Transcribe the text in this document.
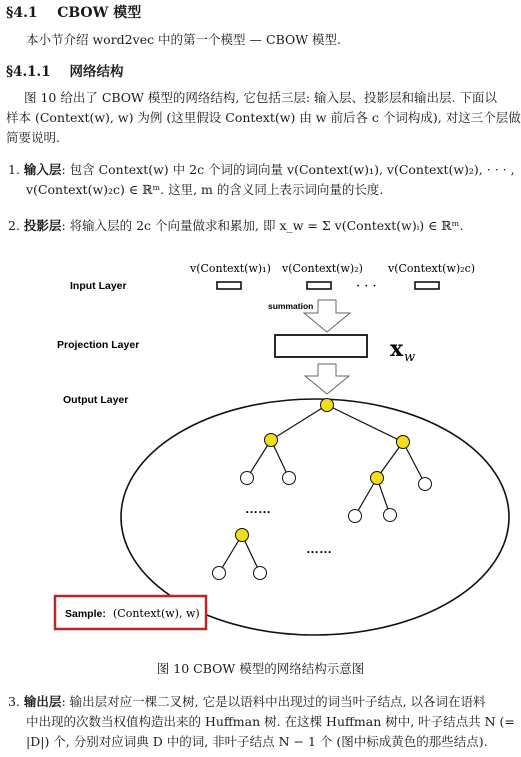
§4.1 CBOW 模型
本小节介绍 word2vec 中的第一个模型 — CBOW 模型.
§4.1.1 网络结构
图 10 给出了 CBOW 模型的网络结构, 它包括三层: 输入层、投影层和输出层. 下面以
样本 (Context(w), w) 为例 (这里假设 Context(w) 由 w 前后各 c 个词构成), 对这三个层做
简要说明.
1. 输入层: 包含 Context(w) 中 2c 个词的词向量 v(Context(w)₁), v(Context(w)₂), · · · ,
v(Context(w)₂c) ∈ ℝᵐ. 这里, m 的含义同上表示词向量的长度.
2. 投影层: 将输入层的 2c 个向量做求和累加, 即 x_w = Σ v(Context(w)ᵢ) ∈ ℝᵐ.
v(Context(w)₁) v(Context(w)₂) v(Context(w)₂c)
Input Layer
Projection Layer
Output Layer
· · ·
summation
x w
……
……
Sample: (Context(w), w)
图 10 CBOW 模型的网络结构示意图
3. 输出层: 输出层对应一棵二叉树, 它是以语料中出现过的词当叶子结点, 以各词在语料
中出现的次数当权值构造出来的 Huffman 树. 在这棵 Huffman 树中, 叶子结点共 N (=
|D|) 个, 分别对应词典 D 中的词, 非叶子结点 N − 1 个 (图中标成黄色的那些结点).
